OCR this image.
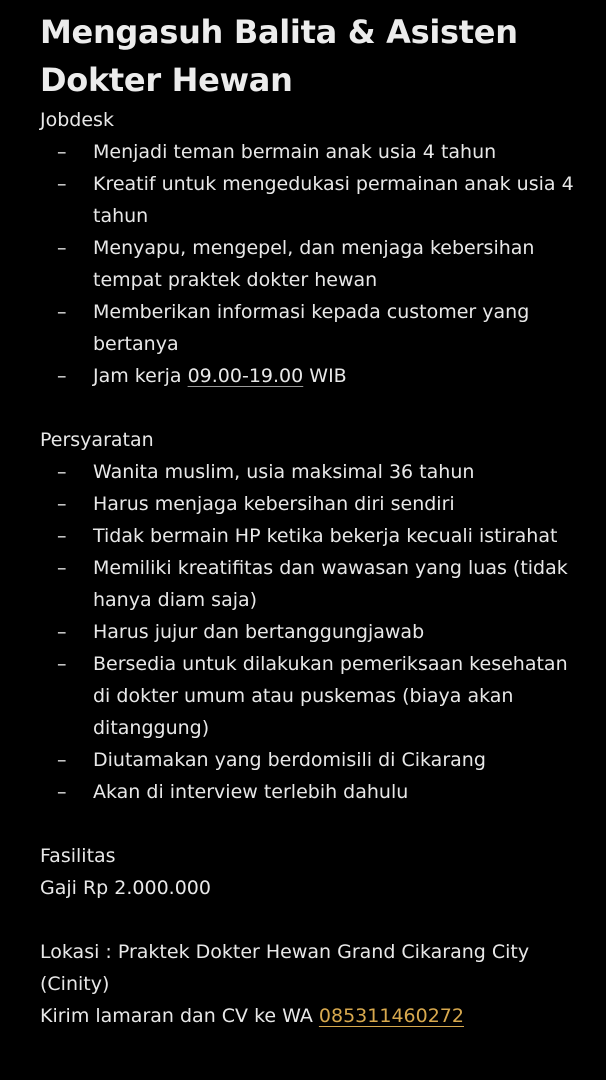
Mengasuh Balita & Asisten
Dokter Hewan

Jobdesk

– Menjadi teman bermain anak usia 4 tahun
– Kreatif untuk mengedukasi permainan anak usia 4 tahun
– Menyapu, mengepel, dan menjaga kebersihan tempat praktek dokter hewan
– Memberikan informasi kepada customer yang bertanya
– Jam kerja 09.00-19.00 WIB

Persyaratan

– Wanita muslim, usia maksimal 36 tahun
– Harus menjaga kebersihan diri sendiri
– Tidak bermain HP ketika bekerja kecuali istirahat
– Memiliki kreatifitas dan wawasan yang luas (tidak hanya diam saja)
– Harus jujur dan bertanggungjawab
– Bersedia untuk dilakukan pemeriksaan kesehatan di dokter umum atau puskemas (biaya akan ditanggung)
– Diutamakan yang berdomisili di Cikarang
– Akan di interview terlebih dahulu

Fasilitas

Gaji Rp 2.000.000

Lokasi : Praktek Dokter Hewan Grand Cikarang City (Cinity)

Kirim lamaran dan CV ke WA 085311460272
